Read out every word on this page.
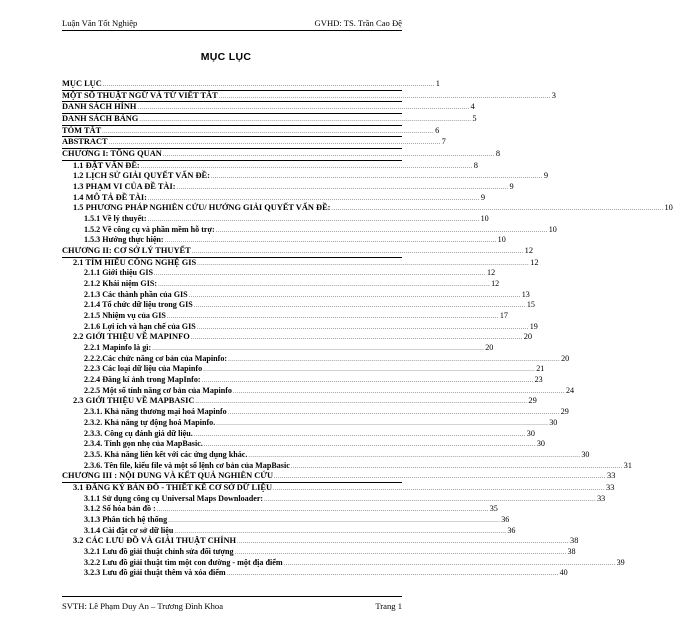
Luận Văn Tốt Nghiệp	GVHD: TS. Trần Cao Đệ
MỤC LỤC
MỤC LỤC .....	1
MỘT SỐ THUẬT NGỮ VÀ TỪ VIẾT TẮT .....	3
DANH SÁCH HÌNH .....	4
DANH SÁCH BẢNG .....	5
TÓM TẮT .....	6
ABSTRACT .....	7
CHƯƠNG I: TỔNG QUAN .....	8
1.1 ĐẶT VẤN ĐỀ: .....	8
1.2 LỊCH SỬ GIẢI QUYẾT VẤN ĐỀ: .....	9
1.3 PHẠM VI CỦA ĐỀ TÀI: .....	9
1.4 MÔ TẢ ĐỀ TÀI: .....	9
1.5 PHƯƠNG PHÁP NGHIÊN CỨU/ HƯỚNG GIẢI QUYẾT VẤN ĐỀ: .....	10
1.5.1 Về lý thuyết: .....	10
1.5.2 Về công cụ và phần mềm hỗ trợ: .....	10
1.5.3 Hướng thực hiện: .....	10
CHƯƠNG II: CƠ SỞ LÝ THUYẾT .....	12
2.1 TÌM HIỂU CÔNG NGHỆ GIS .....	12
2.1.1 Giới thiệu GIS .....	12
2.1.2 Khái niệm GIS: .....	12
2.1.3 Các thành phần của GIS .....	13
2.1.4 Tổ chức dữ liệu trong GIS .....	15
2.1.5 Nhiệm vụ của GIS .....	17
2.1.6 Lợi ích và hạn chế của GIS .....	19
2.2 GIỚI THIỆU VỀ MAPINFO .....	20
2.2.1 Mapinfo là gì: .....	20
2.2.2.Các chức năng cơ bản của Mapinfo: .....	20
2.2.3 Các loại dữ liệu của Mapinfo .....	21
2.2.4 Đăng kí ảnh trong MapInfo: .....	23
2.2.5 Một số tính năng cơ bản của Mapinfo .....	24
2.3 GIỚI THIỆU VỀ MAPBASIC .....	29
2.3.1. Khả năng thương mại hoá Mapinfo .....	29
2.3.2. Khả năng tự động hoá Mapinfo. .....	30
2.3.3. Công cụ đánh giá dữ liệu. .....	30
2.3.4. Tính gọn nhẹ của MapBasic. .....	30
2.3.5. Khả năng liên kết với các ứng dụng khác. .....	30
2.3.6. Tên file, kiểu file và một số lệnh cơ bản của MapBasic .....	31
CHƯƠNG III : NỘI DUNG VÀ KẾT QUẢ NGHIÊN CỨU .....	33
3.1 ĐĂNG KÝ BẢN ĐỒ - THIẾT KẾ CƠ SỞ DỮ LIỆU .....	33
3.1.1 Sử dụng công cụ Universal Maps Downloader: .....	33
3.1.2 Số hóa bản đồ : .....	35
3.1.3 Phân tích hệ thống .....	36
3.1.4 Cài đặt cơ sở dữ liệu .....	36
3.2 CÁC LƯU ĐỒ VÀ GIẢI THUẬT CHÍNH .....	38
3.2.1 Lưu đồ giải thuật chỉnh sửa đối tượng .....	38
3.2.2 Lưu đồ giải thuật tìm một con đường - một địa điểm .....	39
3.2.3 Lưu đồ giải thuật thêm và xóa điểm .....	40
SVTH: Lê Phạm Duy An – Trương Đình Khoa	Trang 1
